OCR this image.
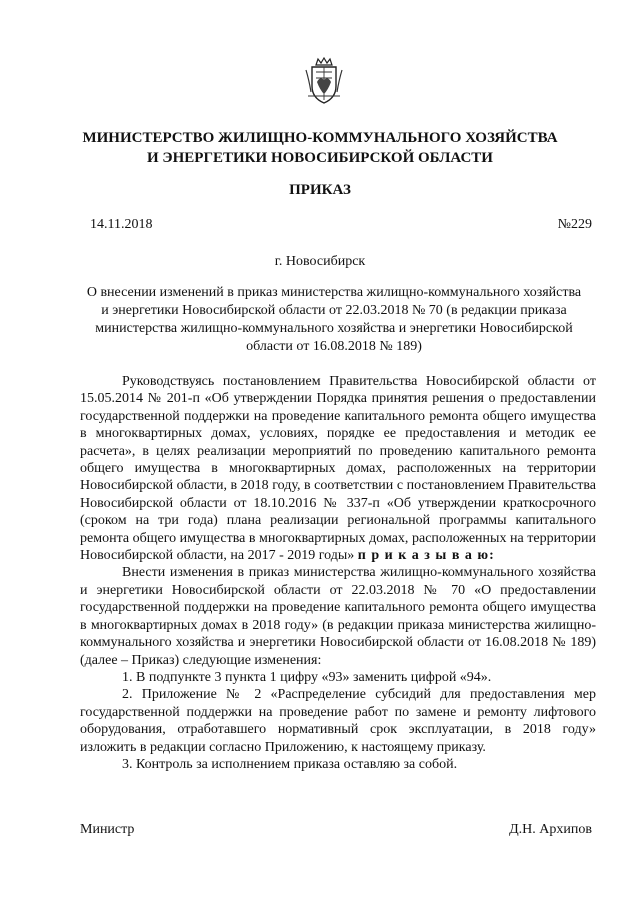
МИНИСТЕРСТВО ЖИЛИЩНО-КОММУНАЛЬНОГО ХОЗЯЙСТВА
И ЭНЕРГЕТИКИ НОВОСИБИРСКОЙ ОБЛАСТИ
ПРИКАЗ
14.11.2018	№229
г. Новосибирск
О внесении изменений в приказ министерства жилищно-коммунального хозяйства и энергетики Новосибирской области от 22.03.2018 № 70 (в редакции приказа министерства жилищно-коммунального хозяйства и энергетики Новосибирской области от 16.08.2018 № 189)

Руководствуясь постановлением Правительства Новосибирской области от 15.05.2014 № 201-п «Об утверждении Порядка принятия решения о предоставлении государственной поддержки на проведение капитального ремонта общего имущества в многоквартирных домах, условиях, порядке ее предоставления и методик ее расчета», в целях реализации мероприятий по проведению капитального ремонта общего имущества в многоквартирных домах, расположенных на территории Новосибирской области, в 2018 году, в соответствии с постановлением Правительства Новосибирской области от 18.10.2016 № 337-п «Об утверждении краткосрочного (сроком на три года) плана реализации региональной программы капитального ремонта общего имущества в многоквартирных домах, расположенных на территории Новосибирской области, на 2017 - 2019 годы» п р и к а з ы в а ю:

Внести изменения в приказ министерства жилищно-коммунального хозяйства и энергетики Новосибирской области от 22.03.2018 № 70 «О предоставлении государственной поддержки на проведение капитального ремонта общего имущества в многоквартирных домах в 2018 году» (в редакции приказа министерства жилищно-коммунального хозяйства и энергетики Новосибирской области от 16.08.2018 № 189) (далее – Приказ) следующие изменения:

1. В подпункте 3 пункта 1 цифру «93» заменить цифрой «94».

2. Приложение № 2 «Распределение субсидий для предоставления мер государственной поддержки на проведение работ по замене и ремонту лифтового оборудования, отработавшего нормативный срок эксплуатации, в 2018 году» изложить в редакции согласно Приложению, к настоящему приказу.

3. Контроль за исполнением приказа оставляю за собой.

Министр	Д.Н. Архипов
